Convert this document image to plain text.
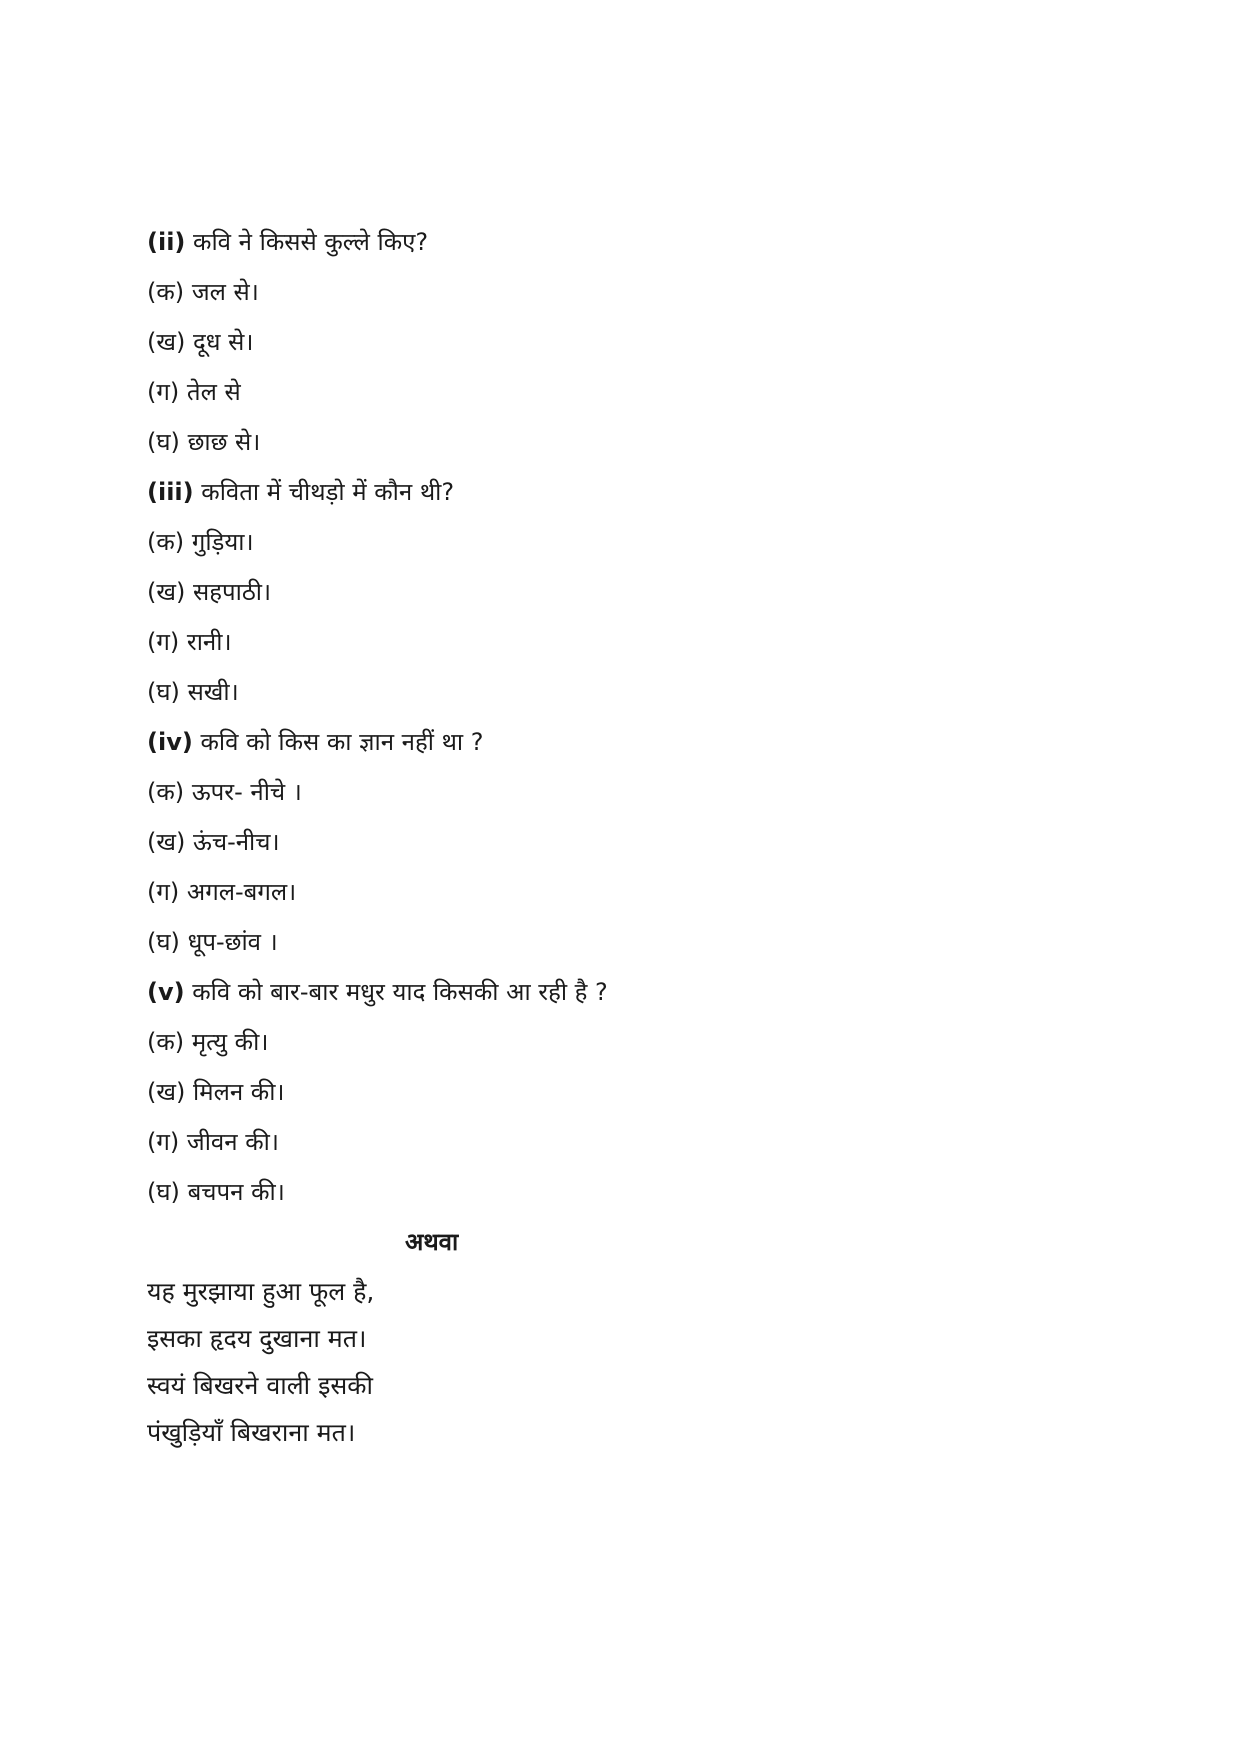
(ii) कवि ने किससे कुल्ले किए?
(क) जल से।
(ख) दूध से।
(ग) तेल से
(घ) छाछ से।
(iii) कविता में चीथड़ो में कौन थी?
(क) गुड़िया।
(ख) सहपाठी।
(ग) रानी।
(घ) सखी।
(iv) कवि को किस का ज्ञान नहीं था ?
(क) ऊपर- नीचे ।
(ख) ऊंच-नीच।
(ग) अगल-बगल।
(घ) धूप-छांव ।
(v) कवि को बार-बार मधुर याद किसकी आ रही है ?
(क) मृत्यु की।
(ख) मिलन की।
(ग) जीवन की।
(घ) बचपन की।
अथवा
यह मुरझाया हुआ फूल है,
इसका हृदय दुखाना मत।
स्वयं बिखरने वाली इसकी
पंखुड़ियाँ बिखराना मत।
